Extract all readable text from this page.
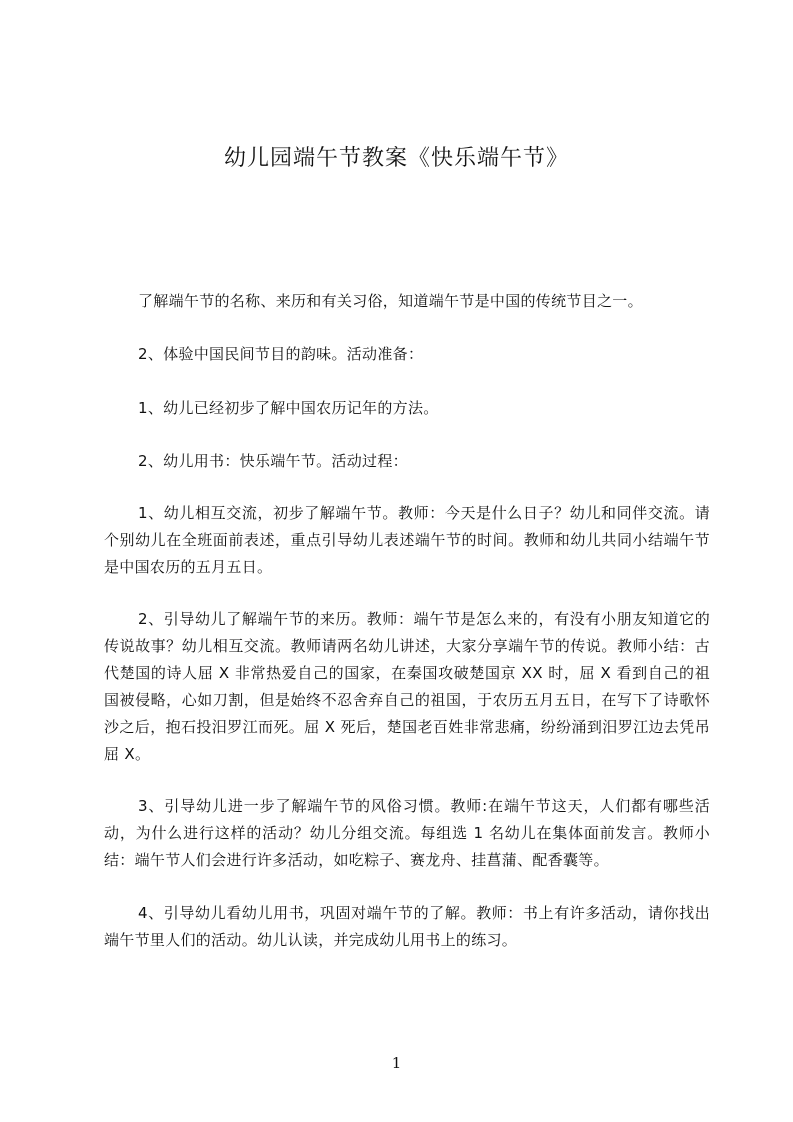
幼儿园端午节教案《快乐端午节》
了解端午节的名称、来历和有关习俗，知道端午节是中国的传统节目之一。
2、体验中国民间节目的韵味。活动准备：
1、幼儿已经初步了解中国农历记年的方法。
2、幼儿用书：快乐端午节。活动过程：
1、幼儿相互交流，初步了解端午节。教师：今天是什么日子？幼儿和同伴交流。请个别幼儿在全班面前表述，重点引导幼儿表述端午节的时间。教师和幼儿共同小结端午节是中国农历的五月五日。
2、引导幼儿了解端午节的来历。教师：端午节是怎么来的，有没有小朋友知道它的传说故事？幼儿相互交流。教师请两名幼儿讲述，大家分享端午节的传说。教师小结：古代楚国的诗人屈 X 非常热爱自己的国家，在秦国攻破楚国京 XX 时，屈 X 看到自己的祖国被侵略，心如刀割，但是始终不忍舍弃自己的祖国，于农历五月五日，在写下了诗歌怀沙之后，抱石投汨罗江而死。屈 X 死后，楚国老百姓非常悲痛，纷纷涌到汨罗江边去凭吊屈 X。
3、引导幼儿进一步了解端午节的风俗习惯。教师:在端午节这天，人们都有哪些活动，为什么进行这样的活动？幼儿分组交流。每组选 1 名幼儿在集体面前发言。教师小结：端午节人们会进行许多活动，如吃粽子、赛龙舟、挂菖蒲、配香囊等。
4、引导幼儿看幼儿用书，巩固对端午节的了解。教师：书上有许多活动，请你找出端午节里人们的活动。幼儿认读，并完成幼儿用书上的练习。
1
